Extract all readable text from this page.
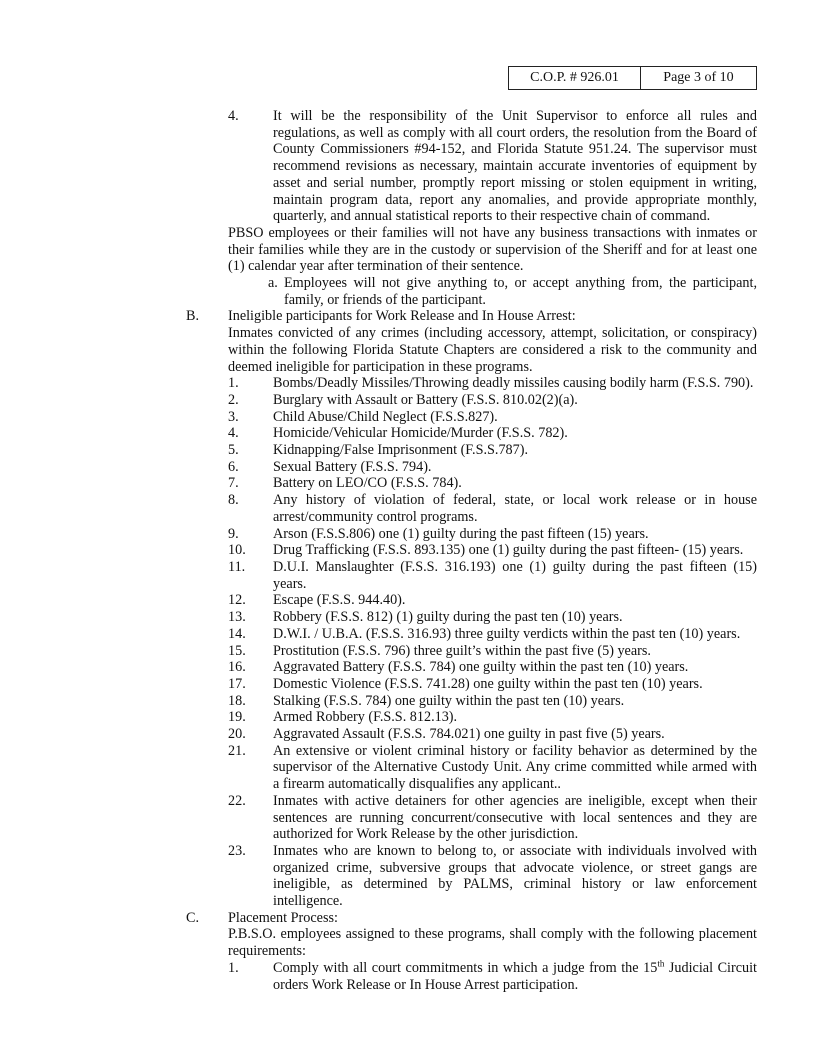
C.O.P. # 926.01	Page 3 of 10
4. It will be the responsibility of the Unit Supervisor to enforce all rules and regulations, as well as comply with all court orders, the resolution from the Board of County Commissioners #94-152, and Florida Statute 951.24. The supervisor must recommend revisions as necessary, maintain accurate inventories of equipment by asset and serial number, promptly report missing or stolen equipment in writing, maintain program data, report any anomalies, and provide appropriate monthly, quarterly, and annual statistical reports to their respective chain of command.
PBSO employees or their families will not have any business transactions with inmates or their families while they are in the custody or supervision of the Sheriff and for at least one (1) calendar year after termination of their sentence.
a. Employees will not give anything to, or accept anything from, the participant, family, or friends of the participant.
B. Ineligible participants for Work Release and In House Arrest:
Inmates convicted of any crimes (including accessory, attempt, solicitation, or conspiracy) within the following Florida Statute Chapters are considered a risk to the community and deemed ineligible for participation in these programs.
1. Bombs/Deadly Missiles/Throwing deadly missiles causing bodily harm (F.S.S. 790).
2. Burglary with Assault or Battery (F.S.S. 810.02(2)(a).
3. Child Abuse/Child Neglect (F.S.S.827).
4. Homicide/Vehicular Homicide/Murder (F.S.S. 782).
5. Kidnapping/False Imprisonment (F.S.S.787).
6. Sexual Battery (F.S.S. 794).
7. Battery on LEO/CO (F.S.S. 784).
8. Any history of violation of federal, state, or local work release or in house arrest/community control programs.
9. Arson (F.S.S.806) one (1) guilty during the past fifteen (15) years.
10. Drug Trafficking (F.S.S. 893.135) one (1) guilty during the past fifteen- (15) years.
11. D.U.I. Manslaughter (F.S.S. 316.193) one (1) guilty during the past fifteen (15) years.
12. Escape (F.S.S. 944.40).
13. Robbery (F.S.S. 812) (1) guilty during the past ten (10) years.
14. D.W.I. / U.B.A. (F.S.S. 316.93) three guilty verdicts within the past ten (10) years.
15. Prostitution (F.S.S. 796) three guilt’s within the past five (5) years.
16. Aggravated Battery (F.S.S. 784) one guilty within the past ten (10) years.
17. Domestic Violence (F.S.S. 741.28) one guilty within the past ten (10) years.
18. Stalking (F.S.S. 784) one guilty within the past ten (10) years.
19. Armed Robbery (F.S.S. 812.13).
20. Aggravated Assault (F.S.S. 784.021) one guilty in past five (5) years.
21. An extensive or violent criminal history or facility behavior as determined by the supervisor of the Alternative Custody Unit. Any crime committed while armed with a firearm automatically disqualifies any applicant..
22. Inmates with active detainers for other agencies are ineligible, except when their sentences are running concurrent/consecutive with local sentences and they are authorized for Work Release by the other jurisdiction.
23. Inmates who are known to belong to, or associate with individuals involved with organized crime, subversive groups that advocate violence, or street gangs are ineligible, as determined by PALMS, criminal history or law enforcement intelligence.
C. Placement Process:
P.B.S.O. employees assigned to these programs, shall comply with the following placement requirements:
1. Comply with all court commitments in which a judge from the 15th Judicial Circuit orders Work Release or In House Arrest participation.
